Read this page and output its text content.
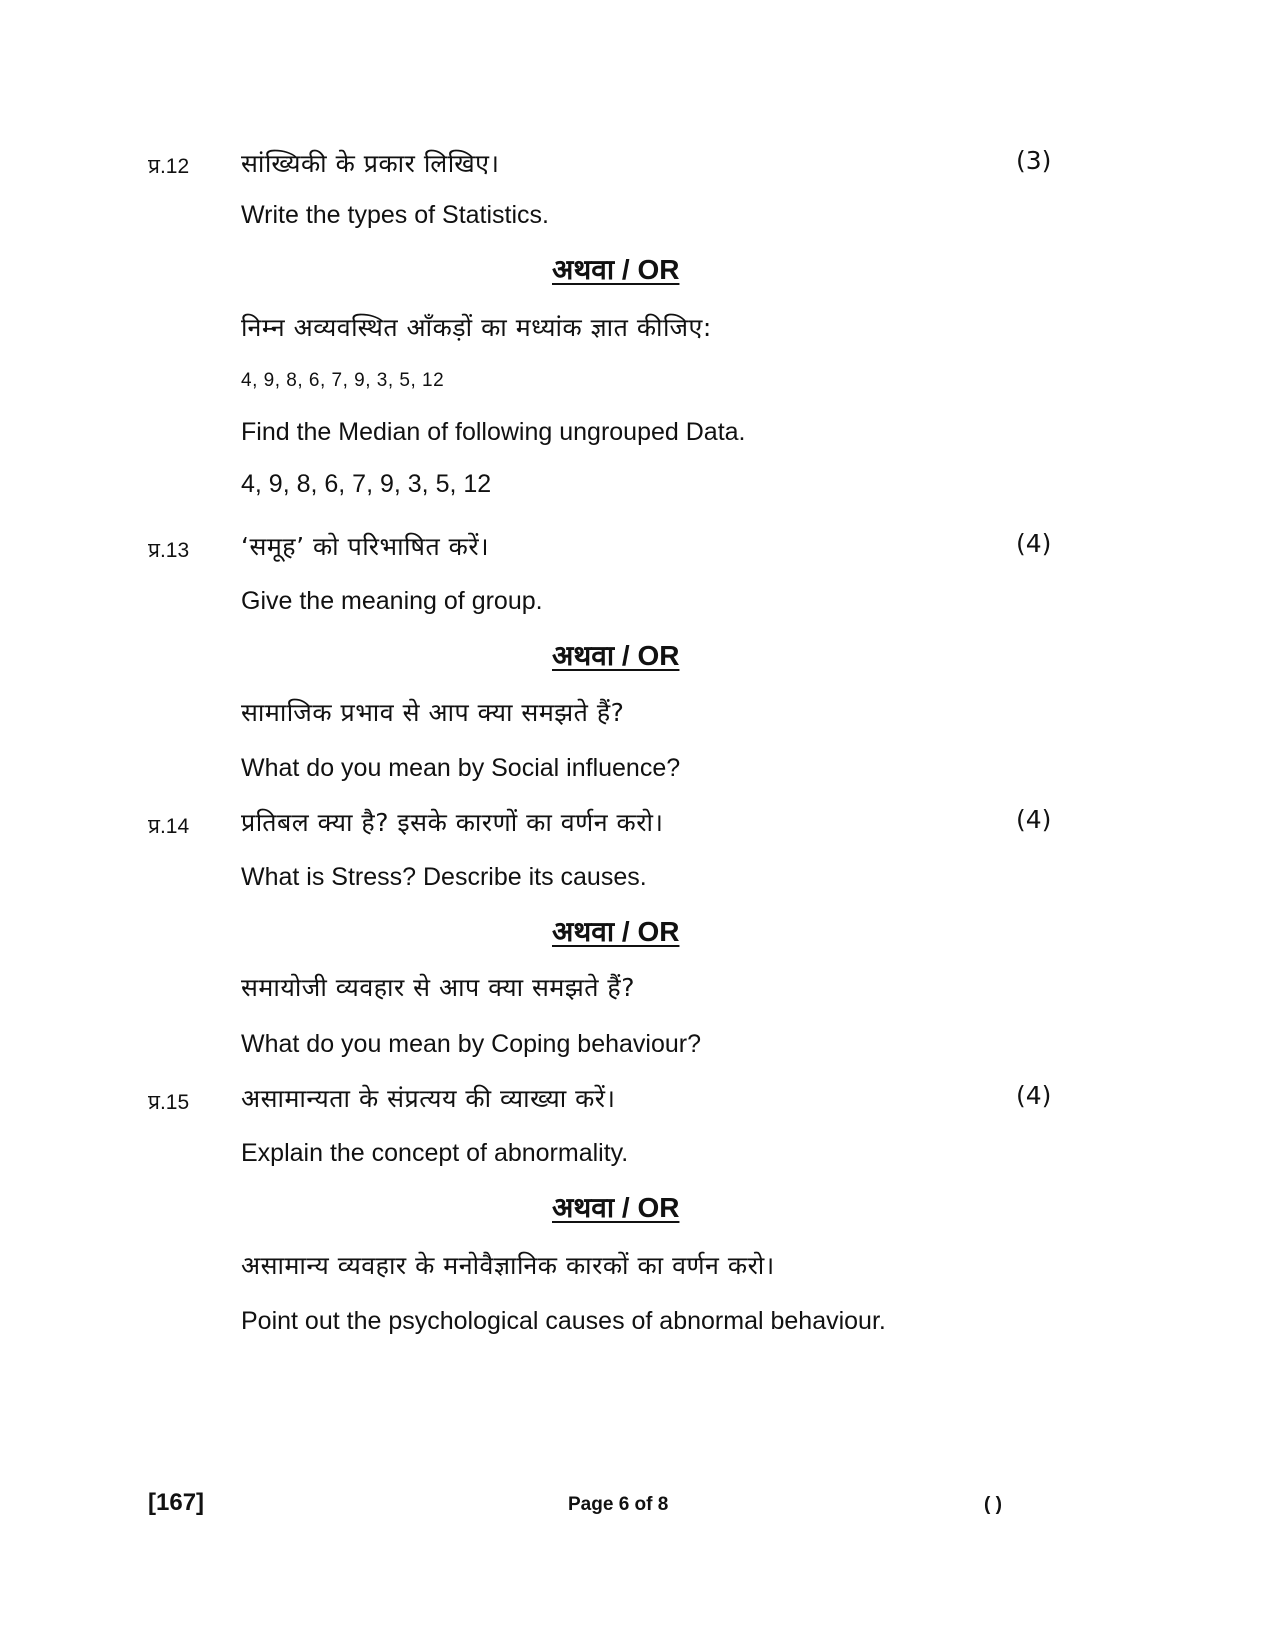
प्र.12 सांख्यिकी के प्रकार लिखिए।	(3)
Write the types of Statistics.
अथवा / OR
निम्न अव्यवस्थित आँकड़ों का मध्यांक ज्ञात कीजिए:
4, 9, 8, 6, 7, 9, 3, 5, 12
Find the Median of following ungrouped Data.
4, 9, 8, 6, 7, 9, 3, 5, 12
प्र.13 ‘समूह’ को परिभाषित करें।	(4)
Give the meaning of group.
अथवा / OR
सामाजिक प्रभाव से आप क्या समझते हैं?
What do you mean by Social influence?
प्र.14 प्रतिबल क्या है? इसके कारणों का वर्णन करो।	(4)
What is Stress? Describe its causes.
अथवा / OR
समायोजी व्यवहार से आप क्या समझते हैं?
What do you mean by Coping behaviour?
प्र.15 असामान्यता के संप्रत्यय की व्याख्या करें।	(4)
Explain the concept of abnormality.
अथवा / OR
असामान्य व्यवहार के मनोवैज्ञानिक कारकों का वर्णन करो।
Point out the psychological causes of abnormal behaviour.
[167]	Page 6 of 8	( )
